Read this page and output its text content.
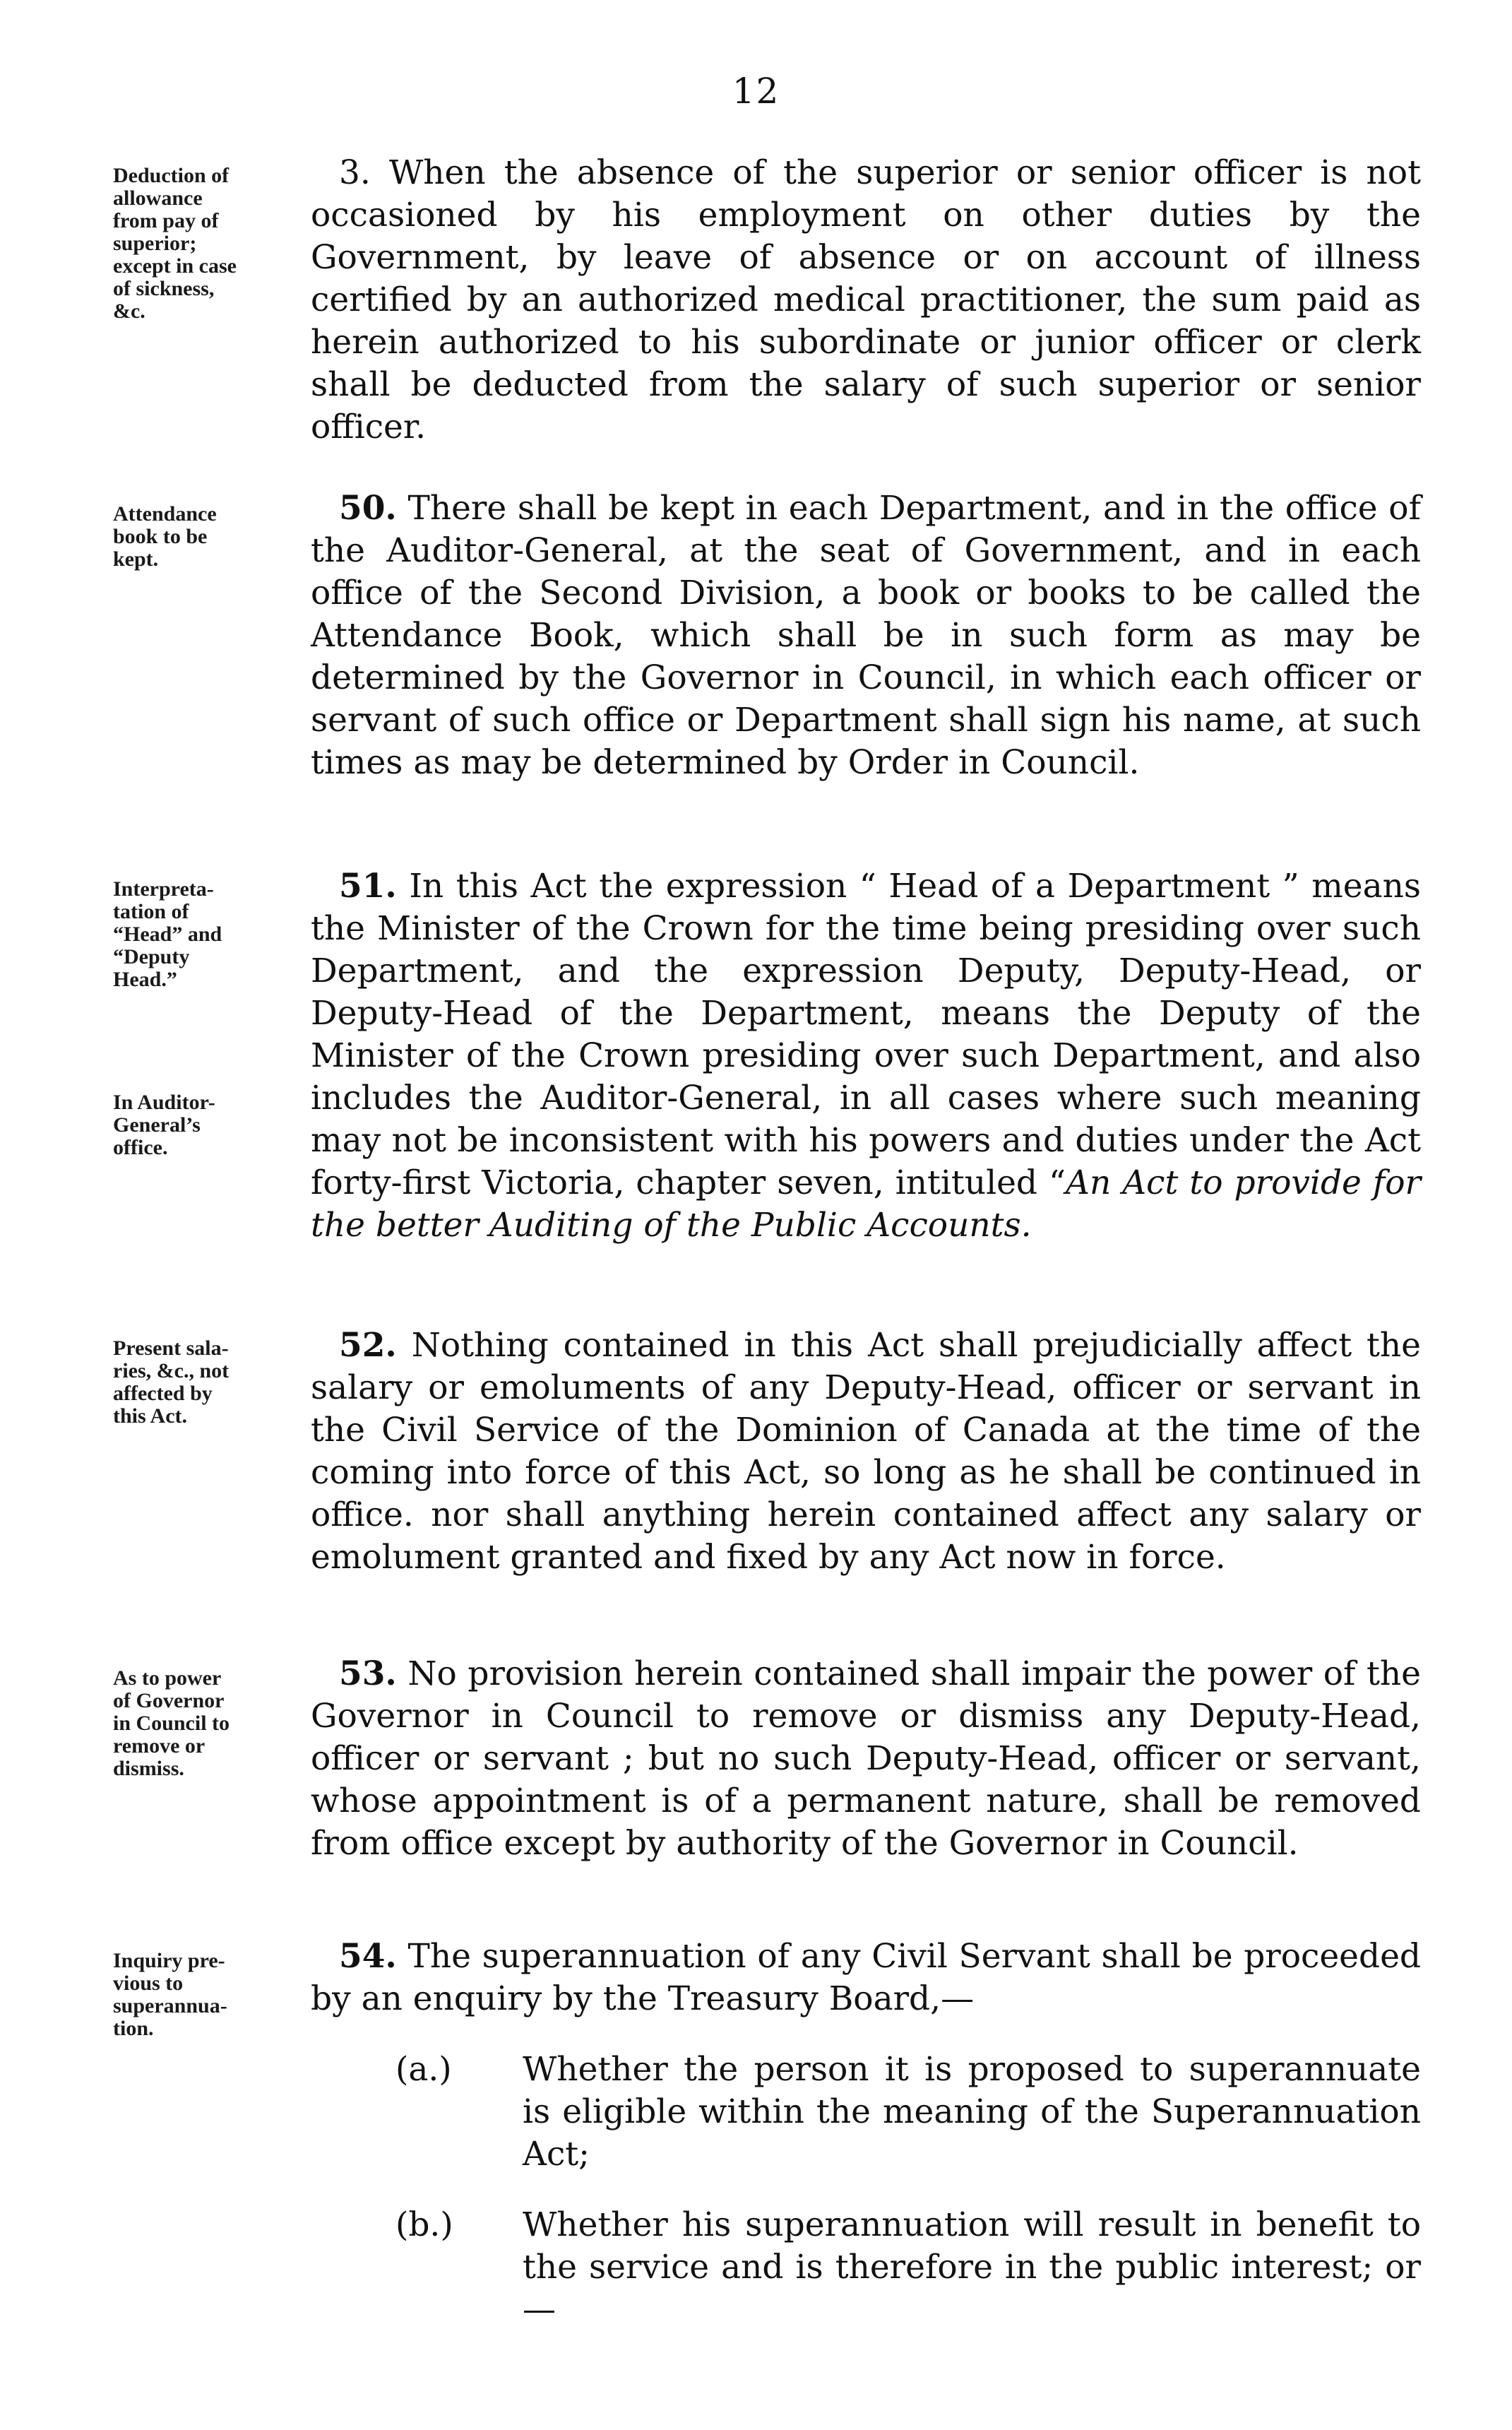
12
Deduction of
allowance
from pay of
superior;
except in case
of sickness,
&c.
3. When the absence of the superior or senior officer is not occasioned by his employment on other duties by the Government, by leave of absence or on account of illness certified by an authorized medical practitioner, the sum paid as herein authorized to his subordinate or junior officer or clerk shall be deducted from the salary of such superior or senior officer.
Attendance
book to be
kept.
50. There shall be kept in each Department, and in the office of the Auditor-General, at the seat of Government, and in each office of the Second Division, a book or books to be called the Attendance Book, which shall be in such form as may be determined by the Governor in Council, in which each officer or servant of such office or Department shall sign his name, at such times as may be determined by Order in Council.
Interpreta-
tation of
“Head” and
“Deputy
Head.”
In Auditor-
General’s
office.
51. In this Act the expression “ Head of a Department ” means the Minister of the Crown for the time being presiding over such Department, and the expression Deputy, Deputy-Head, or Deputy-Head of the Department, means the Deputy of the Minister of the Crown presiding over such Department, and also includes the Auditor-General, in all cases where such meaning may not be inconsistent with his powers and duties under the Act forty-first Victoria, chapter seven, intituled “An Act to provide for the better Auditing of the Public Accounts.
Present sala-
ries, &c., not
affected by
this Act.
52. Nothing contained in this Act shall prejudicially affect the salary or emoluments of any Deputy-Head, officer or servant in the Civil Service of the Dominion of Canada at the time of the coming into force of this Act, so long as he shall be continued in office. nor shall anything herein contained affect any salary or emolument granted and fixed by any Act now in force.
As to power
of Governor
in Council to
remove or
dismiss.
53. No provision herein contained shall impair the power of the Governor in Council to remove or dismiss any Deputy-Head, officer or servant ; but no such Deputy-Head, officer or servant, whose appointment is of a permanent nature, shall be removed from office except by authority of the Governor in Council.
Inquiry pre-
vious to
superannua-
tion.
54. The superannuation of any Civil Servant shall be proceeded by an enquiry by the Treasury Board,—
(a.) Whether the person it is proposed to superannuate is eligible within the meaning of the Superannuation Act;
(b.) Whether his superannuation will result in benefit to the service and is therefore in the public interest; or—
